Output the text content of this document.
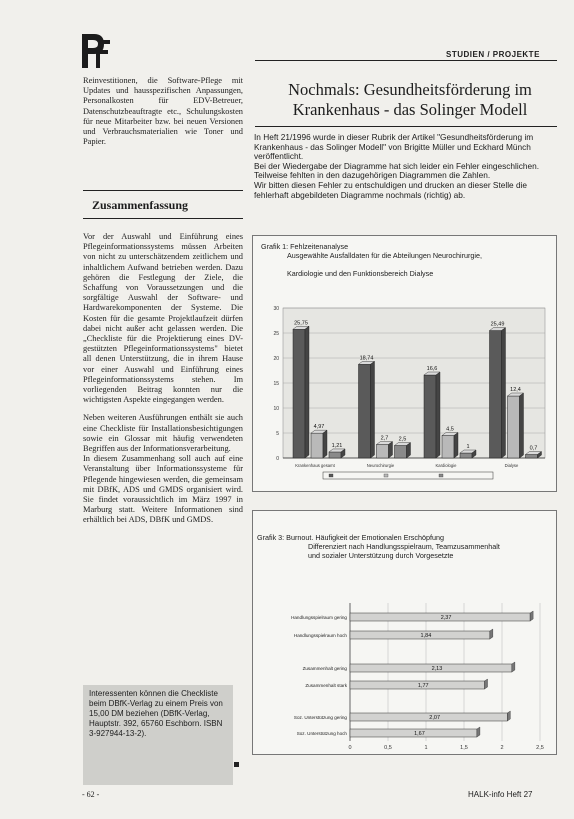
STUDIEN / PROJEKTE

Reinvestitionen, die Software-Pflege mit Updates und hausspezifischen Anpassungen, Personalkosten für EDV-Betreuer, Datenschutzbeauftragte etc., Schulungskosten für neue Mitarbeiter bzw. bei neuen Versionen und Verbrauchsmaterialien wie Toner und Papier.

Zusammenfassung

Vor der Auswahl und Einführung eines Pflegeinformationssystems müssen Arbeiten von nicht zu unterschätzendem zeitlichem und inhaltlichem Aufwand betrieben werden. Dazu gehören die Festlegung der Ziele, die Schaffung von Voraussetzungen und die sorgfältige Auswahl der Software- und Hardwarekomponenten der Systeme. Die Kosten für die gesamte Projektlaufzeit dürfen dabei nicht außer acht gelassen werden. Die „Checkliste für die Projektierung eines DV-gestützten Pflegeinformationssystems" bietet all denen Unterstützung, die in ihrem Hause vor einer Auswahl und Einführung eines Pflegeinformationssystems stehen. Im vorliegenden Beitrag konnten nur die wichtigsten Aspekte eingegangen werden.

Neben weiteren Ausführungen enthält sie auch eine Checkliste für Installationsbesichtigungen sowie ein Glossar mit häufig verwendeten Begriffen aus der Informationsverarbeitung.

In diesem Zusammenhang soll auch auf eine Veranstaltung über Informationssysteme für Pflegende hingewiesen werden, die gemeinsam mit DBfK, ADS und GMDS organisiert wird. Sie findet voraussichtlich im März 1997 in Marburg statt. Weitere Informationen sind erhältlich bei ADS, DBfK und GMDS.

Interessenten können die Checkliste beim DBfK-Verlag zu einem Preis von 15,00 DM beziehen (DBfK-Verlag, Hauptstr. 392, 65760 Eschborn. ISBN 3-927944-13-2).
Nochmals: Gesundheitsförderung im Krankenhaus - das Solinger Modell

In Heft 21/1996 wurde in dieser Rubrik der Artikel "Gesundheitsförderung im Krankenhaus - das Solinger Modell" von Brigitte Müller und Eckhard Münch veröffentlicht.

Bei der Wiedergabe der Diagramme hat sich leider ein Fehler eingeschlichen. Teilweise fehlten in den dazugehörigen Diagrammen die Zahlen.

Wir bitten diesen Fehler zu entschuldigen und drucken an dieser Stelle die fehlerhaft abgebildeten Diagramme nochmals (richtig) ab.

Grafik 1: Fehlzeitenanalyse
Ausgewählte Ausfalldaten für die Abteilungen Neurochirurgie,
Kardiologie und den Funktionsbereich Dialyse
30
25
20
15
10
5
0
25,75
4,97
1,21
Krankenhaus gesamt
18,74
2,7 2,5
Neurochirurgie
16,6
4,5
1
Kardiologie
25,49
12,4
0,7
Dialyse
Grafik 3: Burnout. Häufigkeit der Emotionalen Erschöpfung
Differenziert nach Handlungsspielraum, Teamzusammenhalt
und sozialer Unterstützung durch Vorgesetzte
0	0,5	1	1,5	2	2,5
2,37
Handlungsspielraum gering
1,84
Handlungsspielraum hoch
2,13
Zusammenhalt gering
1,77
Zusammenhalt stark
2,07
Soz. Unterstützung gering
1,67
Soz. Unterstützung hoch
- 62 -	HALK-info Heft 27
